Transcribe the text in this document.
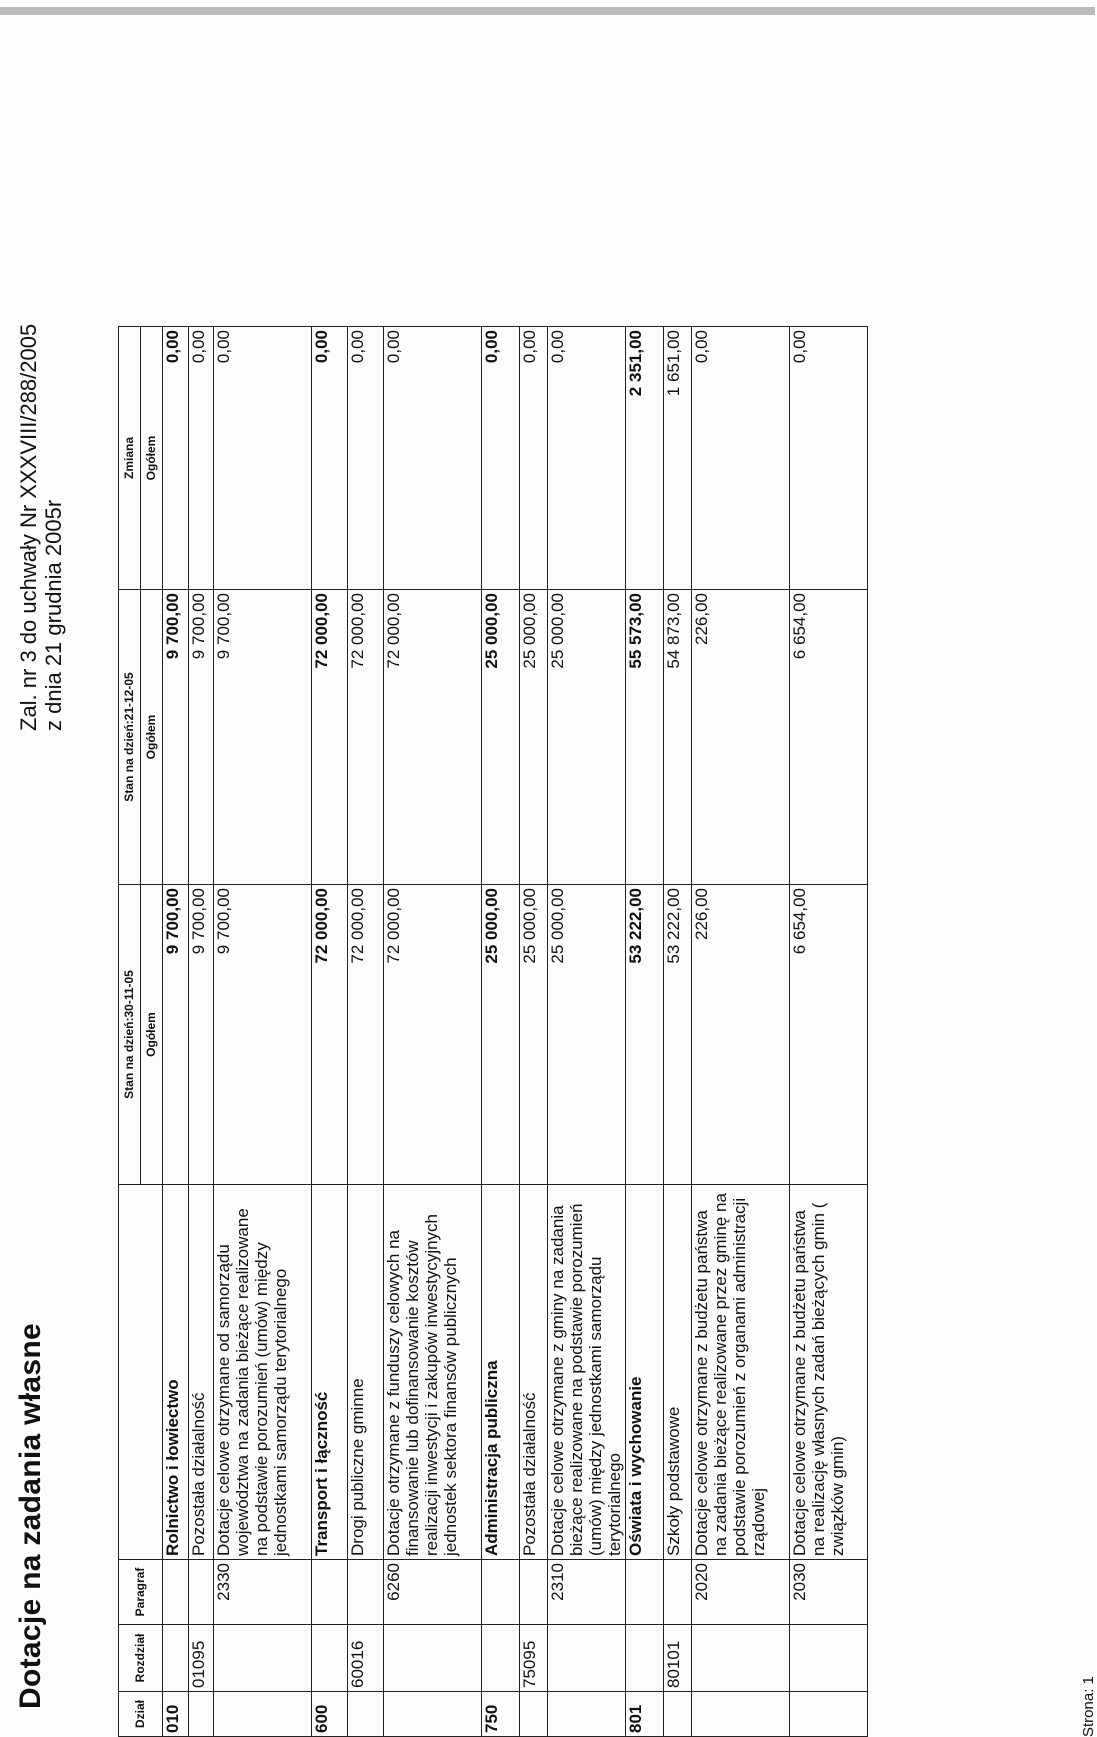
Dotacje na zadania własne
Zal. nr 3 do uchwały Nr XXXVIII/288/2005 z dnia 21 grudnia 2005r
Dział	Rozdział	Paragraf		Stan na dzień:30-11-05	Stan na dzień:21-12-05	Zmiana
				Ogółem	Ogółem	Ogółem
010			Rolnictwo i łowiectwo	9 700,00	9 700,00	0,00
	01095		Pozostała działalność	9 700,00	9 700,00	0,00
		2330	Dotacje celowe otrzymane od samorządu województwa na zadania bieżące realizowane na podstawie porozumień (umów) między jednostkami samorządu terytorialnego	9 700,00	9 700,00	0,00
600			Transport i łączność	72 000,00	72 000,00	0,00
	60016		Drogi publiczne gminne	72 000,00	72 000,00	0,00
		6260	Dotacje otrzymane z funduszy celowych na finansowanie lub dofinansowanie kosztów realizacji inwestycji i zakupów inwestycyjnych jednostek sektora finansów publicznych	72 000,00	72 000,00	0,00
750			Administracja publiczna	25 000,00	25 000,00	0,00
	75095		Pozostała działalność	25 000,00	25 000,00	0,00
		2310	Dotacje celowe otrzymane z gminy na zadania bieżące realizowane na podstawie porozumień (umów) między jednostkami samorządu terytorialnego	25 000,00	25 000,00	0,00
801			Oświata i wychowanie	53 222,00	55 573,00	2 351,00
	80101		Szkoły podstawowe	53 222,00	54 873,00	1 651,00
		2020	Dotacje celowe otrzymane z budżetu państwa na zadania bieżące realizowane przez gminę na podstawie porozumień z organami administracji rządowej	226,00	226,00	0,00
		2030	Dotacje celowe otrzymane z budżetu państwa na realizację własnych zadań bieżących gmin ( związków gmin)	6 654,00	6 654,00	0,00
Strona: 1
